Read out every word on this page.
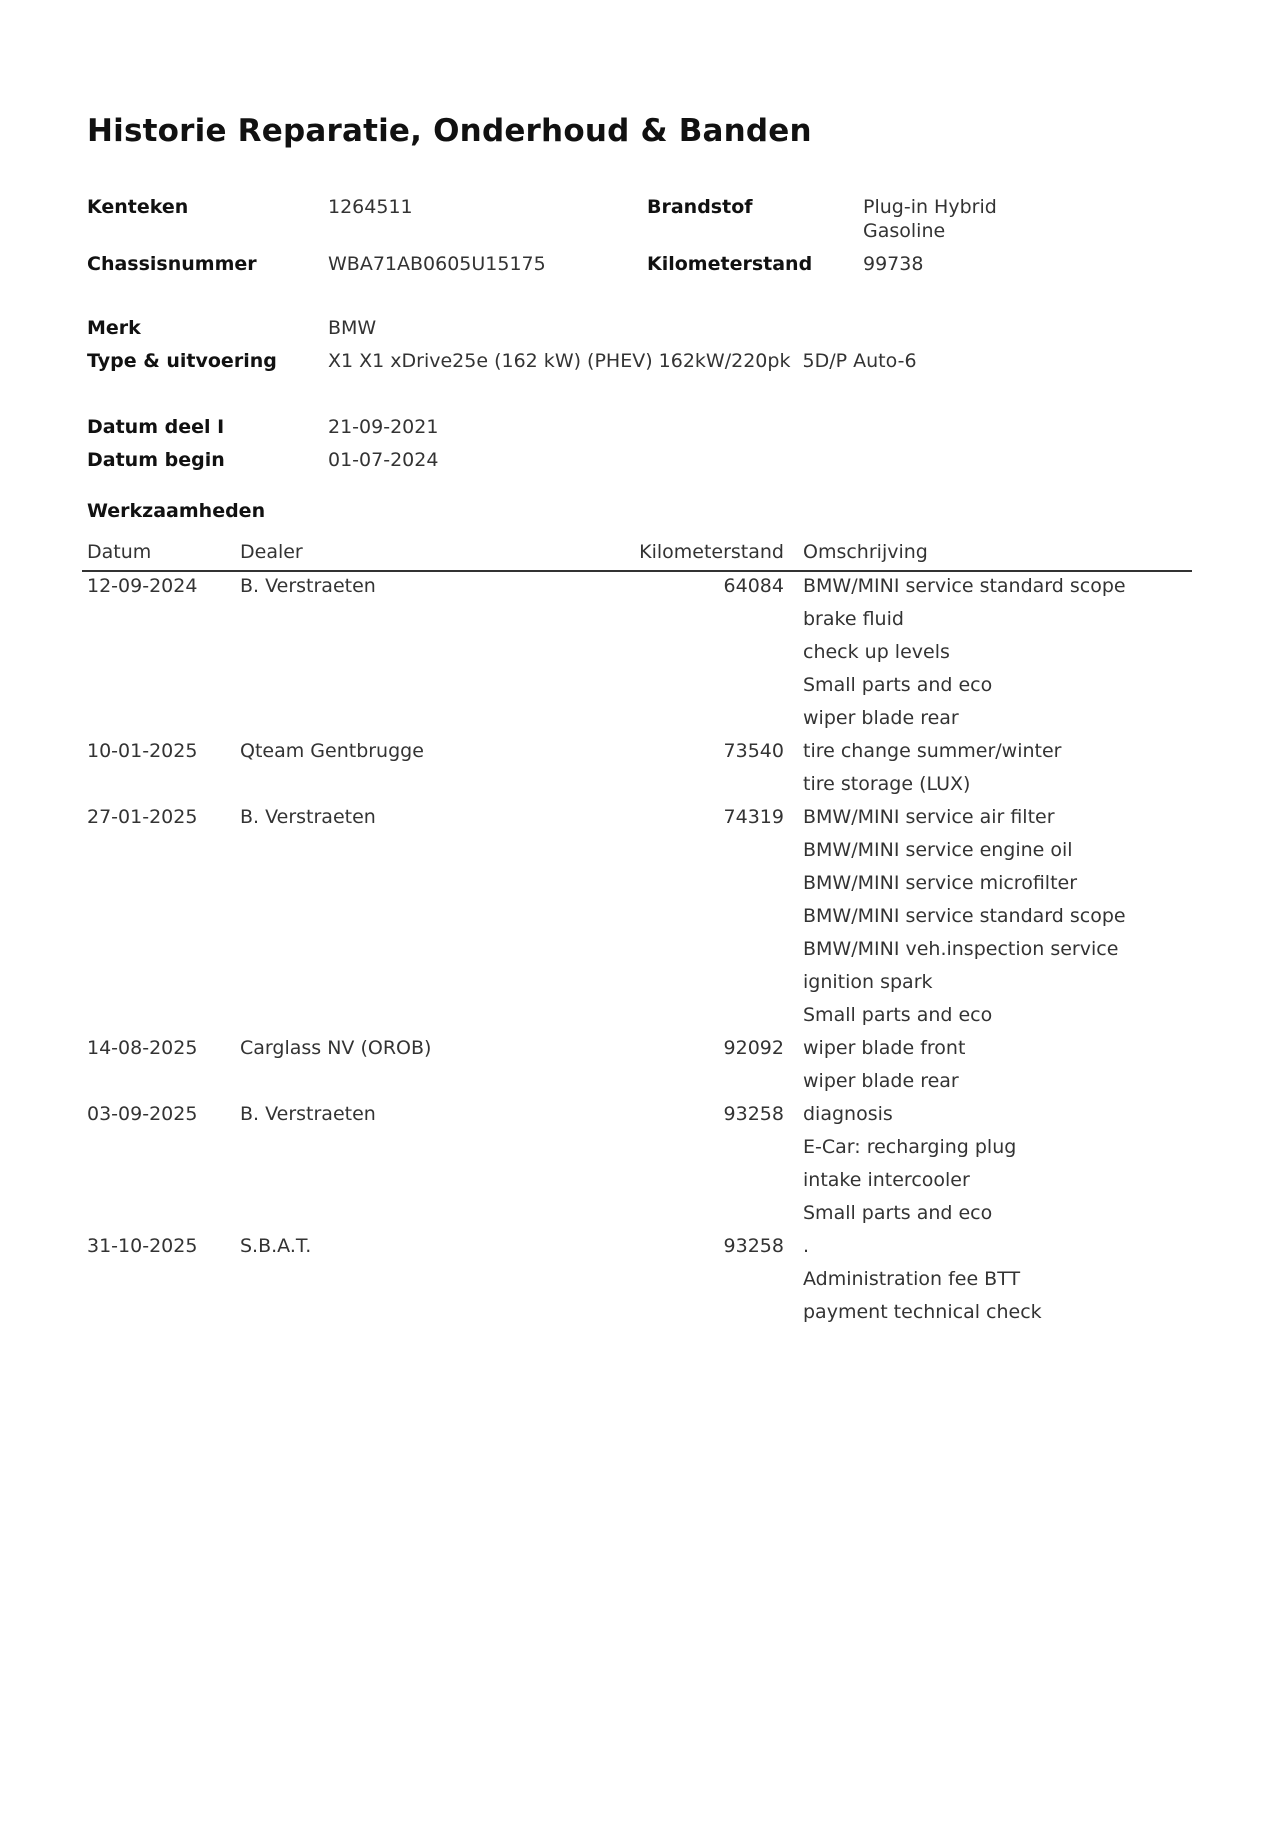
Historie Reparatie, Onderhoud & Banden
Kenteken	1264511	Brandstof	Plug-in Hybrid
Gasoline
Chassisnummer	WBA71AB0605U15175	Kilometerstand	99738
Merk	BMW
Type & uitvoering	X1 X1 xDrive25e (162 kW) (PHEV) 162kW/220pk  5D/P Auto-6
Datum deel I	21-09-2021
Datum begin	01-07-2024
Werkzaamheden
Datum	Dealer	Kilometerstand Omschrijving
12-09-2024 B. Verstraeten	64084 BMW/MINI service standard scope
brake fluid
check up levels
Small parts and eco
wiper blade rear
10-01-2025 Qteam Gentbrugge	73540 tire change summer/winter
tire storage (LUX)
27-01-2025 B. Verstraeten	74319 BMW/MINI service air filter
BMW/MINI service engine oil
BMW/MINI service microfilter
BMW/MINI service standard scope
BMW/MINI veh.inspection service
ignition spark
Small parts and eco
14-08-2025 Carglass NV (OROB)	92092 wiper blade front
wiper blade rear
03-09-2025 B. Verstraeten	93258 diagnosis
E-Car: recharging plug
intake intercooler
Small parts and eco
31-10-2025 S.B.A.T.	93258 .
Administration fee BTT
payment technical check
